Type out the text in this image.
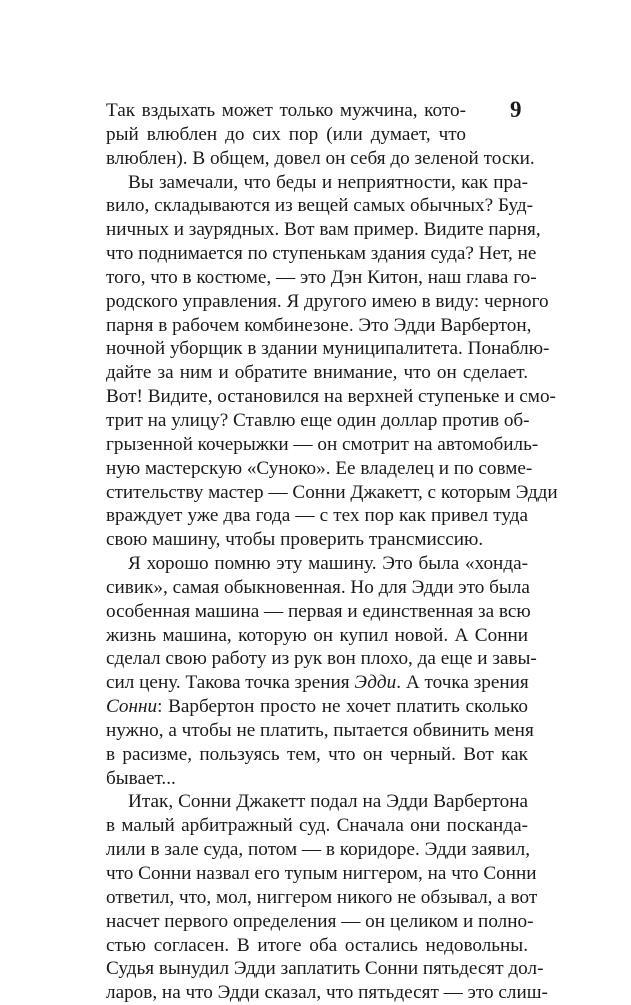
9
Так вздыхать может только мужчина, кото-
рый влюблен до сих пор (или думает, что
влюблен). В общем, довел он себя до зеленой тоски.
Вы замечали, что беды и неприятности, как пра-
вило, складываются из вещей самых обычных? Буд-
ничных и заурядных. Вот вам пример. Видите парня,
что поднимается по ступенькам здания суда? Нет, не
того, что в костюме, — это Дэн Китон, наш глава го-
родского управления. Я другого имею в виду: черного
парня в рабочем комбинезоне. Это Эдди Варбертон,
ночной уборщик в здании муниципалитета. Понаблю-
дайте за ним и обратите внимание, что он сделает.
Вот! Видите, остановился на верхней ступеньке и смо-
трит на улицу? Ставлю еще один доллар против об-
грызенной кочерыжки — он смотрит на автомобиль-
ную мастерскую «Суноко». Ее владелец и по совме-
стительству мастер — Сонни Джакетт, с которым Эдди
враждует уже два года — с тех пор как привел туда
свою машину, чтобы проверить трансмиссию.
Я хорошо помню эту машину. Это была «хонда-
сивик», самая обыкновенная. Но для Эдди это была
особенная машина — первая и единственная за всю
жизнь машина, которую он купил новой. А Сонни
сделал свою работу из рук вон плохо, да еще и завы-
сил цену. Такова точка зрения Эдди. А точка зрения
Сонни: Варбертон просто не хочет платить сколько
нужно, а чтобы не платить, пытается обвинить меня
в расизме, пользуясь тем, что он черный. Вот как
бывает...
Итак, Сонни Джакетт подал на Эдди Варбертона
в малый арбитражный суд. Сначала они посканда-
лили в зале суда, потом — в коридоре. Эдди заявил,
что Сонни назвал его тупым ниггером, на что Сонни
ответил, что, мол, ниггером никого не обзывал, а вот
насчет первого определения — он целиком и полно-
стью согласен. В итоге оба остались недовольны.
Судья вынудил Эдди заплатить Сонни пятьдесят дол-
ларов, на что Эдди сказал, что пятьдесят — это слиш-
